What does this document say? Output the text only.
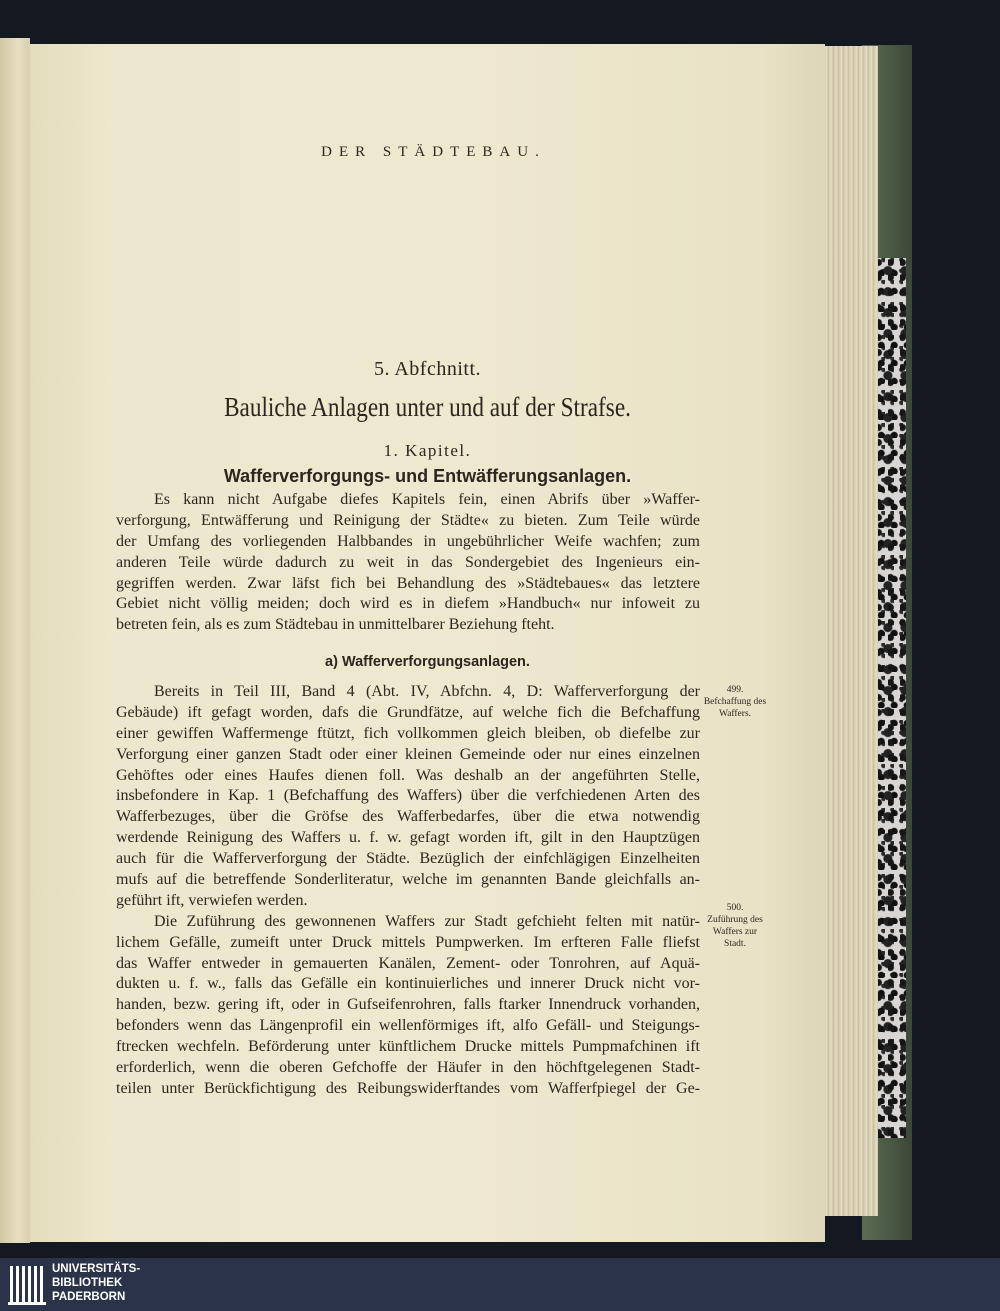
DER STÄDTEBAU.
5. Abfchnitt.
Bauliche Anlagen unter und auf der Strafse.
1. Kapitel.
Wafferverforgungs- und Entwäfferungsanlagen.
Es kann nicht Aufgabe diefes Kapitels fein, einen Abrifs über »Waffer-
verforgung, Entwäfferung und Reinigung der Städte« zu bieten. Zum Teile würde
der Umfang des vorliegenden Halbbandes in ungebührlicher Weife wachfen; zum
anderen Teile würde dadurch zu weit in das Sondergebiet des Ingenieurs ein-
gegriffen werden. Zwar läfst fich bei Behandlung des »Städtebaues« das letztere
Gebiet nicht völlig meiden; doch wird es in diefem »Handbuch« nur infoweit zu
betreten fein, als es zum Städtebau in unmittelbarer Beziehung fteht.
a) Wafferverforgungsanlagen.
Bereits in Teil III, Band 4 (Abt. IV, Abfchn. 4, D: Wafferverforgung der
Gebäude) ift gefagt worden, dafs die Grundfätze, auf welche fich die Befchaffung
einer gewiffen Waffermenge ftützt, fich vollkommen gleich bleiben, ob diefelbe zur
Verforgung einer ganzen Stadt oder einer kleinen Gemeinde oder nur eines einzelnen
Gehöftes oder eines Haufes dienen foll. Was deshalb an der angeführten Stelle,
insbefondere in Kap. 1 (Befchaffung des Waffers) über die verfchiedenen Arten des
Wafferbezuges, über die Gröfse des Wafferbedarfes, über die etwa notwendig
werdende Reinigung des Waffers u. f. w. gefagt worden ift, gilt in den Hauptzügen
auch für die Wafferverforgung der Städte. Bezüglich der einfchlägigen Einzelheiten
mufs auf die betreffende Sonderliteratur, welche im genannten Bande gleichfalls an-
geführt ift, verwiefen werden.
Die Zuführung des gewonnenen Waffers zur Stadt gefchieht felten mit natür-
lichem Gefälle, zumeift unter Druck mittels Pumpwerken. Im erfteren Falle fliefst
das Waffer entweder in gemauerten Kanälen, Zement- oder Tonrohren, auf Aquä-
dukten u. f. w., falls das Gefälle ein kontinuierliches und innerer Druck nicht vor-
handen, bezw. gering ift, oder in Gufseifenrohren, falls ftarker Innendruck vorhanden,
befonders wenn das Längenprofil ein wellenförmiges ift, alfo Gefäll- und Steigungs-
ftrecken wechfeln. Beförderung unter künftlichem Drucke mittels Pumpmafchinen ift
erforderlich, wenn die oberen Gefchoffe der Häufer in den höchftgelegenen Stadt-
teilen unter Berückfichtigung des Reibungswiderftandes vom Wafferfpiegel der Ge-
499.
Befchaffung des Waffers.
500.
Zuführung des Waffers zur Stadt.
UNIVERSITÄTS-
BIBLIOTHEK
PADERBORN
